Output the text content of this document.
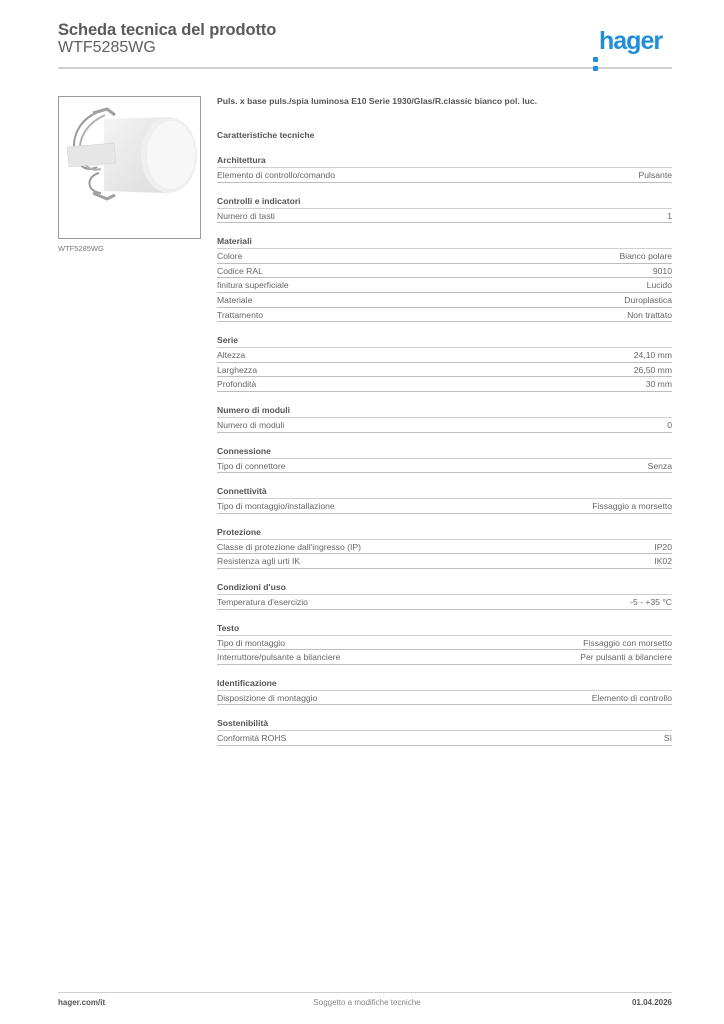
Scheda tecnica del prodotto
WTF5285WG	hager
WTF5285WG
Puls. x base puls./spia luminosa E10 Serie 1930/Glas/R.classic bianco pol. luc.
Caratteristiche tecniche
Architettura
Elemento di controllo/comando	Pulsante
Controlli e indicatori
Numero di tasti	1
Materiali
Colore	Bianco polare
Codice RAL	9010
finitura superficiale	Lucido
Materiale	Duroplastica
Trattamento	Non trattato
Serie
Altezza	24,10 mm
Larghezza	26,50 mm
Profondità	30 mm
Numero di moduli
Numero di moduli	0
Connessione
Tipo di connettore	Senza
Connettività
Tipo di montaggio/installazione	Fissaggio a morsetto
Protezione
Classe di protezione dall'ingresso (IP)	IP20
Resistenza agli urti IK	IK02
Condizioni d'uso
Temperatura d'esercizio	-5 - +35 °C
Testo
Tipo di montaggio	Fissaggio con morsetto
Interruttore/pulsante a bilanciere	Per pulsanti a bilanciere
Identificazione
Disposizione di montaggio	Elemento di controllo
Sostenibilità
Conformità ROHS	Sì
hager.com/it	Soggetto a modifiche tecniche	01.04.2026
